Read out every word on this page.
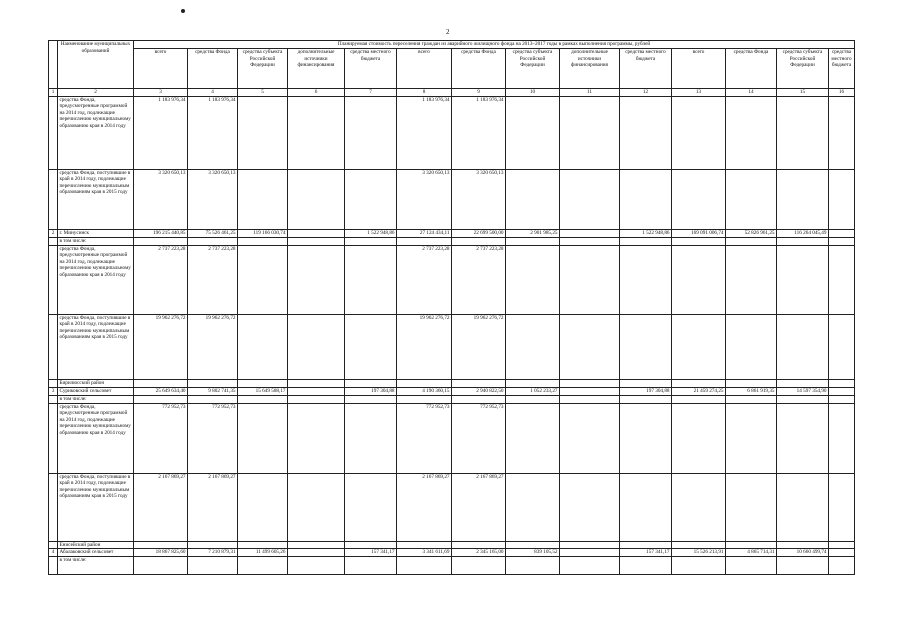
2
	Наименование муниципальных образований	Планируемая стоимость переселения граждан из аварийного жилищного фонда на 2013–2017 годы в рамках выполнения программы, рублей													
		всего	средства Фонда	средства субъекта Российской Федерации	дополнительные источники финансирования	средства местного бюджета	всего	средства Фонда	средства субъекта Российской Федерации	дополнительные источники финансирования	средства местного бюджета	всего	средства Фонда	средства субъекта Российской Федерации	средства местного бюджета
1	2	3	4	5	6	7	8	9	10	11	12	13	14	15	16
	средства Фонда, предусмотренные программой на 2014 год, подлежащие перечислению муниципальному образованию края в 2014 году	1 183 976,34	1 183 976,34				1 183 976,34	1 183 976,34							
	средства Фонда, поступившие в край в 2014 году, подлежащие перечислению муниципальным образованиям края в 2015 году	3 320 650,13	3 320 650,13				3 320 650,13	3 320 650,13							
2	г. Минусинск	196 215 440,85	75 526 461,25	119 166 030,74		1 522 948,86	27 124 434,11	22 699 500,00	2 901 985,25		1 522 948,86	169 091 006,74	52 826 961,25	116 264 045,49	
	в том числе:														
	средства Фонда, предусмотренные программой на 2014 год, подлежащие перечислению муниципальному образованию края в 2014 году	2 737 223,28	2 737 223,28				2 737 223,28	2 737 223,28							
	средства Фонда, поступившие в край в 2014 году, подлежащие перечислению муниципальным образованиям края в 2015 году	19 962 276,72	19 962 276,72				19 962 276,72	19 962 276,72							
	Бирилюсский район														
3	Суриковский сельсовет	25 649 634,40	9 802 741,35	15 649 588,17		197 304,88	4 190 360,15	2 940 822,50	1 052 233,27		197 304,88	21 459 274,25	6 861 919,35	14 597 354,90	
	в том числе:														
	средства Фонда, предусмотренные программой на 2014 год, подлежащие перечислению муниципальному образованию края в 2014 году	772 952,73	772 952,73				772 952,73	772 952,73							
	средства Фонда, поступившие в край в 2014 году, подлежащие перечислению муниципальным образованиям края в 2015 году	2 167 869,27	2 167 869,27				2 167 869,27	2 167 869,27							
	Енисейский район														
4	Абалаковский сельсовет	18 867 825,60	7 210 879,31	11 499 605,26		157 341,17	3 341 611,69	2 345 165,00	839 105,52		157 341,17	15 526 213,91	4 865 714,31	10 660 499,74	
	в том числе:														
